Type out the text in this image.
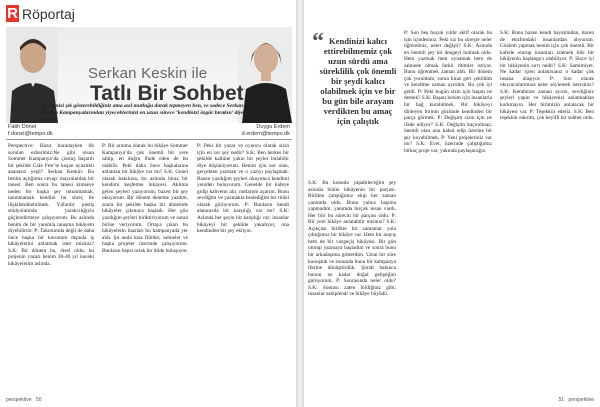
R Röportaj
Serkan Keskin ile
Tatlı Bir Sohbet
Kendinizi şık gösterebildiğiniz ama asıl mutluğu darak tepmeyen ben, ve sadece Serkan Keskin Kampanyalarından yiyeceklerinizi en uzun sürece ‘kendinizi özgür bırakın’ diyen bir sohbet.
Fatih Dönel
f.donel@tempo.dk
Duygu Erdem
d.erdem@tempo.dk

Perspective: Hazır buradayken ilk sorulan ezberimiz:Ne gibi olsun Sommer Kampanya’da çıkmış başarılı bir şekilde Cafe Fest’te koşan aynalıklı ananasız yeşil? Serkan Keskin: Bu benim açtığımız cevap: mayınlardan bir tanesi. Ben sonra bu tanesi kimseye neden bir başka şey tutunmamak, tanınmamak kendini bu süreç ile ilişkilendirebilmek. Yıllardır pastiş stüdyolarında yaratıcılığıyla güçlendirmeye çalışıyorum. Bu aslında benim de bir yanımla tanışma hikâyem diyebilirim. P: Takımımda değil de daha önce başka bir kurumun dışında iş hikâyelerini anlatmak ister misiniz? S.K: Bir dönem bu, ötesi oldu; bu projenin yazarı benim 30-40 yıl önceki hikâyelerim aslında.

P: Bir arınma olarak bu hikâye Sommer Kampanya’da çok önemli bir yere sahip, en doğru ifade eden de bu olabilir. Peki daha önce başkalarına anlatılan bir hikâye var mı? S.K: Genel olarak bakılırsa, bu aslında biraz bir kendimi keşfetme hikâyesi. Aklıma gelen şeyleri yazıyorum; bazen bir şey okuyorum. Bir dönem deneme yazdım, sonra bir şekilde başka bir dönemde hikâyeler çıkmaya başladı. Her gün yazdığım şeyleri biriktiriyorum ve sonra birine veriyorum. Ortaya çıkan bu hikâyelerin bazıları bu kampanyada yer aldı. Şu anda kısa filmler, sahneler ve başka projeler üzerinde çalışıyorum. Bunların hepsi ortak bir dilde buluşuyor.

P: Peki bir yazar ve oyuncu olarak sizin için en zor şey nedir? S.K: Ben herkes bir şekilde kalbine yakın bir şeyler bulabilir diye düşünüyorum. Benim için zor olan, gerçekten yazmak ve o yazıyı paylaşmak. Bazen yazdığım şeyleri okuyunca kendimi yeniden buluyorum. Genelde bir kafeye gidip kahvemi alır, notlarımı açarım. Bunu sevdiğim ve yazmakla beslediğim bir ritüel olarak görüyorum. P: Bunların kendi alanınızda bir karşılığı var mı? S.K: Aslında her şeyin bir karşılığı var; insanlar hikâyeyi bir şekilde yakalıyor, ona kendinden bir şey ekliyor.

perspektive 50
“ Kendinizi kalıcı ettirebilmemiz çok uzun sürdü ama süreklilik çok önemli bir şeydi kalıcı olabilmek için ve bir bu gün bile arayam verdikten bu amaç için çalıştık

S.K: Bu konuda yapabileceğim şey aslında bütün hikâyenin bir parçası. Birlikte çalıştığımız ekip her zaman yanımda oldu. Bunu yalnız başıma yapmadım, yanımda birçok insan vardı. Her biri bu sürecin bir parçası oldu. P: Bir yeni hikâye anlatabilir misiniz? S.K: Açıkçası birlikte bir zamanlar yola çıktığımız bir hikâye var. Hem bir arayış hem de bir vazgeçiş hikâyesi. Bir gün oturup yazmaya başladım ve sonra bunu bir arkadaşıma gösterdim. Uzun bir süre konuştuk ve sonunda bunu bir kampanya fikrine dönüştürdük. Şimdi bakınca bunun ne kadar doğal geliştiğini görüyorum. P: Sonrasında neler oldu? S.K: Sonrası zaten bildiğiniz gibi; insanlar sahiplendi ve hikâye büyüdü.

P: Son beş buçuk yıldır aktif olarak bu işin içindesiniz. Peki siz bu süreçte neler öğrendiniz, neler değişti? S.K: Aslında en önemli şey bir dengeyi bulmak oldu. Hem yazmak hem oynamak hem de sahnede olmak farklı ritimler istiyor. Bunu öğrenmek zaman aldı. Bir dönem çok yoruldum, sonra biraz geri çekildim ve kendime zaman ayırdım. Bu çok iyi geldi. P: Peki bugün sizin için başarı ne demek? S.K: Başarı benim için insanlarla bir bağ kurabilmek. Bir hikâyeyi dinleyen birinin gözünde kendinden bir parça görmek. P: Değişim sizin için ne ifade ediyor? S.K: Değişim kaçınılmaz; önemli olan onu kabul edip üzerine bir şey koyabilmek. P: Yeni projeleriniz var mı? S.K: Evet, üzerinde çalıştığımız birkaç proje var, yakında paylaşacağız.

S.K: Bunu bazen kendi hayatımdan, bazen de etrafımdaki insanlardan alıyorum. Gözlem yapmak benim için çok önemli. Bir kafede oturup insanları izlemek bile bir hikâyenin başlangıcı olabiliyor. P: Sizce iyi bir hikâyenin sırrı nedir? S.K: Samimiyet. Ne kadar içten anlatırsanız o kadar çok insana ulaşıyor. P: Son olarak okuyucularımıza neler söylemek istersiniz? S.K: Kendinize zaman ayırın, sevdiğiniz şeyleri yapın ve hikâyenizi anlatmaktan korkmayın. Her birimizin anlatacak bir hikâyesi var. P: Teşekkür ederiz. S.K: Ben teşekkür ederim, çok keyifli bir sohbet oldu.

51 perspektive
